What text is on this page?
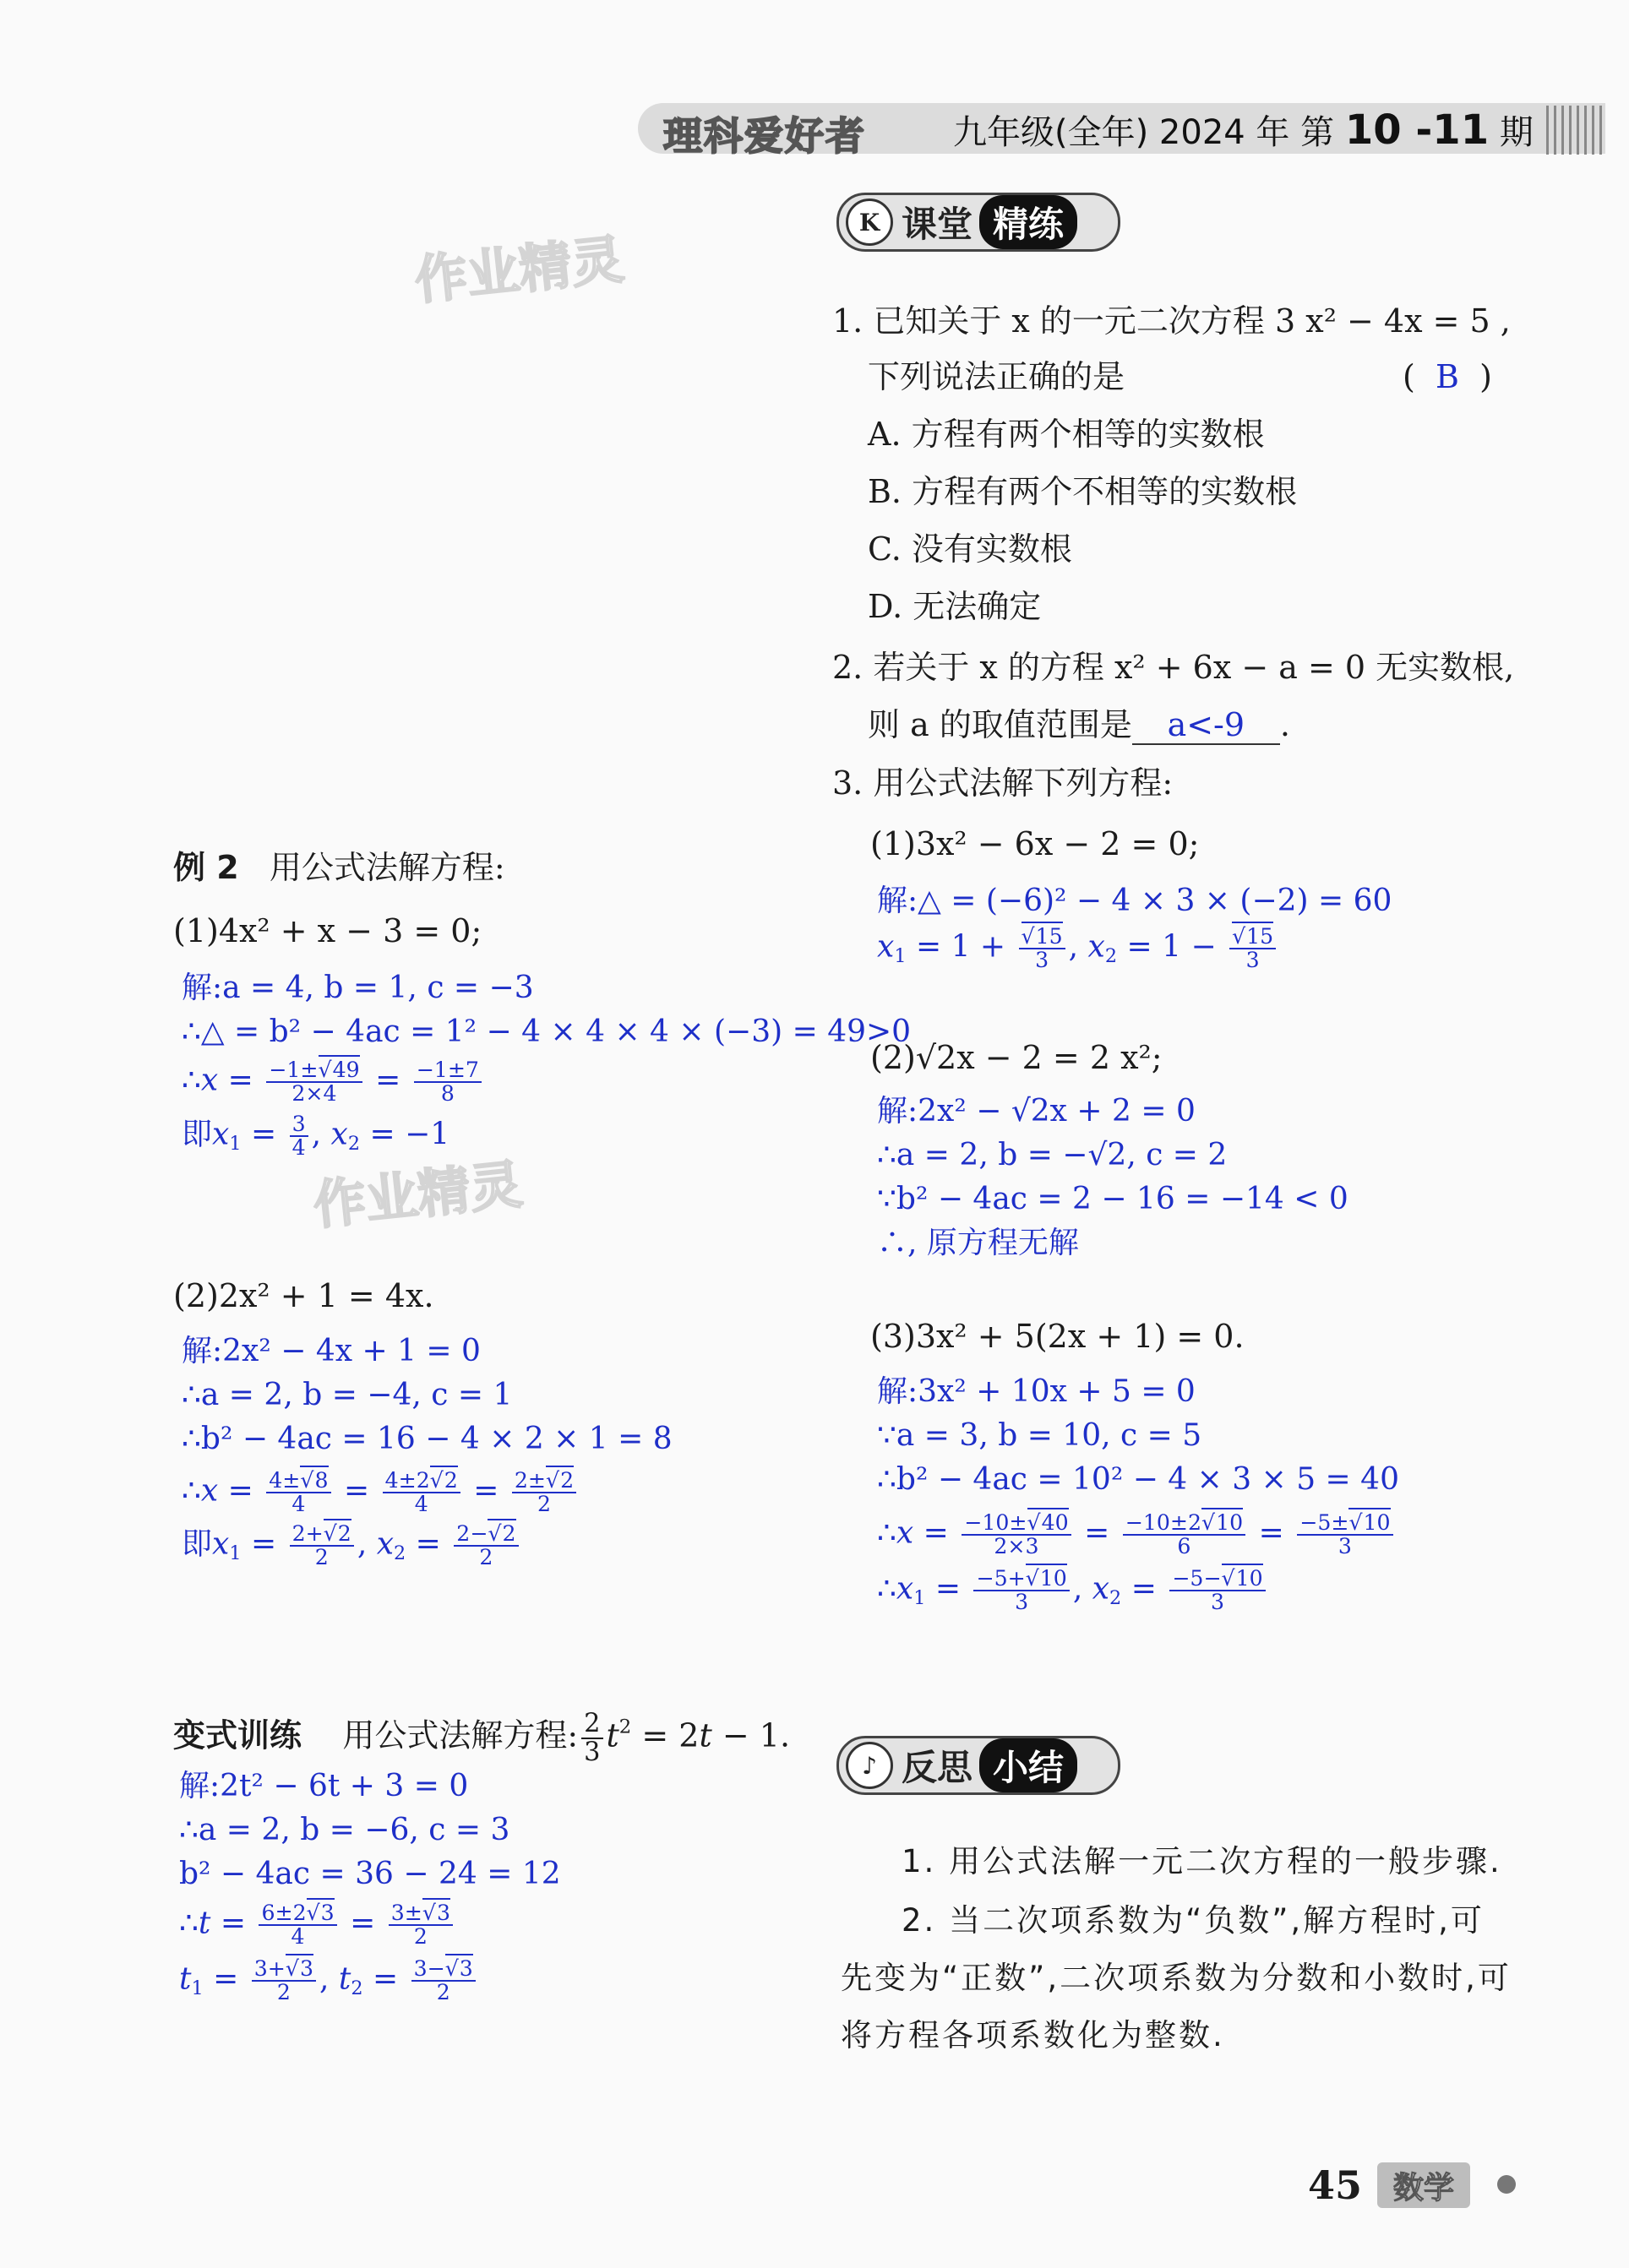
理科爱好者	九年级(全年) 2024 年 第 10 -11 期
K 课堂 精练
作业精灵
作业精灵
1. 已知关于 x 的一元二次方程 3 x² − 4x = 5 ,
下列说法正确的是	(  B  )
A. 方程有两个相等的实数根
B. 方程有两个不相等的实数根
C. 没有实数根
D. 无法确定
2. 若关于 x 的方程 x² + 6x − a = 0 无实数根,
则 a 的取值范围是 a<-9 .
3. 用公式法解下列方程:
(1)3x² − 6x − 2 = 0;
解:△ = (−6)² − 4 × 3 × (−2) = 60
$x_1 = 1$ + √ $\frac{15}{3}$ , $x_2 = 1$ − √ $\frac{15}{3}$
(2)√2x − 2 = 2 x²;
解:2x² − √2x + 2 = 0
∴a = 2, b = −√2, c = 2
∵b² − 4ac = 2 − 16 = −14 < 0
∴, 原方程无解
(3)3x² + 5(2x + 1) = 0.
解:3x² + 10x + 5 = 0
∵a = 3, b = 10, c = 5
∴b² − 4ac = 10² − 4 × 3 × 5 = 40
∴x = $\frac{-10\pm √ 40}{2\times 3} = \frac{-10\pm 2 √ 10}{6} = \frac{-5\pm √ 10}{3}$
$\therefore x_1 = \frac{-5+ √ 10}{3}$ , $x_2 = \frac{-5- √ 10}{3}$
例 2 用公式法解方程:
(1)4x² + x − 3 = 0;
解:a = 4, b = 1, c = −3
∴△ = b² − 4ac = 1² − 4 × 4 × 4 × (−3) = 49>0
∴x = $\frac{-1\pm √ 49}{2\times 4} = \frac{-1\pm 7}{8}$
即$x_1 = \frac{3}{4}$ , $x_2 = -1$
(2)2x² + 1 = 4x.
解:2x² − 4x + 1 = 0
∴a = 2, b = −4, c = 1
∴b² − 4ac = 16 − 4 × 2 × 1 = 8
∴x = $\frac{4\pm √ 8}{4} = \frac{4\pm 2 √ 2}{4} = \frac{2\pm √ 2}{2}$
即$x_1 = \frac{2+ √ 2}{2}$ , $x_2 = \frac{2- √ 2}{2}$
变式训练 用公式法解方程: $\frac{2}{3} t^2 = 2t - 1$.
解:2t² − 6t + 3 = 0
∴a = 2, b = −6, c = 3
b² − 4ac = 36 − 24 = 12
∴t = $\frac{6\pm 2 √ 3}{4} = \frac{3\pm √ 3}{2}$
$t_1 = \frac{3+ √ 3}{2}$ , $t_2 = \frac{3- √ 3}{2}$
♪ 反思 小结
1. 用公式法解一元二次方程的一般步骤.
2. 当二次项系数为“负数”,解方程时,可先变为“正数”,二次项系数为分数和小数时,可将方程各项系数化为整数.
45	数学
